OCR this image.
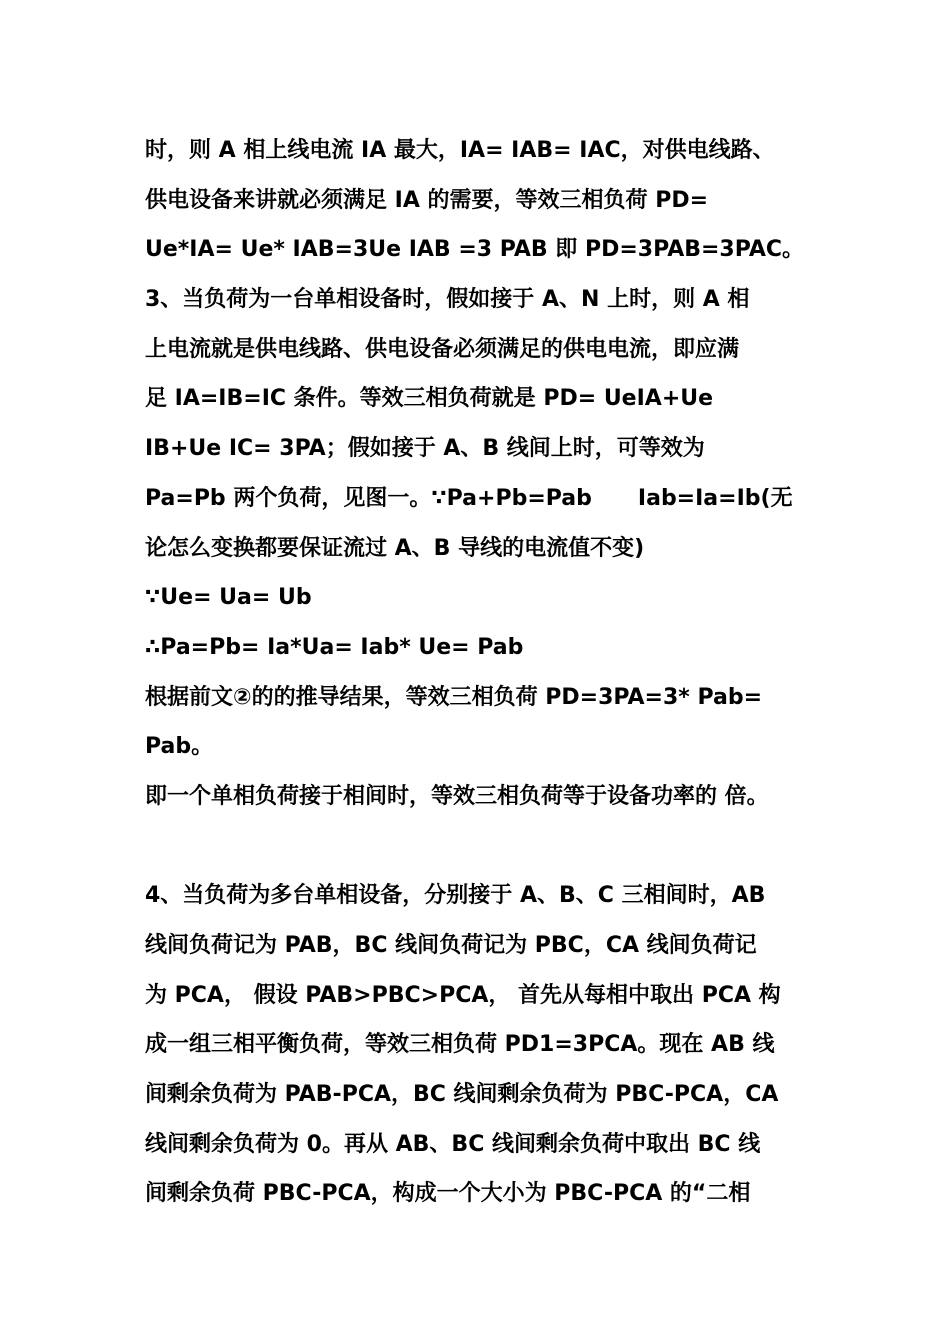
时，则 A 相上线电流 IA 最大，IA= IAB= IAC，对供电线路、
供电设备来讲就必须满足 IA 的需要，等效三相负荷 PD=
Ue*IA= Ue* IAB=3Ue IAB =3 PAB 即 PD=3PAB=3PAC。
3、当负荷为一台单相设备时，假如接于 A、N 上时，则 A 相
上电流就是供电线路、供电设备必须满足的供电电流，即应满
足 IA=IB=IC 条件。等效三相负荷就是 PD= UeIA+Ue
IB+Ue IC= 3PA；假如接于 A、B 线间上时，可等效为
Pa=Pb 两个负荷，见图一。∵Pa+Pb=Pab Iab=Ia=Ib(无
论怎么变换都要保证流过 A、B 导线的电流值不变)
∵Ue= Ua= Ub
∴Pa=Pb= Ia*Ua= Iab* Ue= Pab
根据前文②的的推导结果，等效三相负荷 PD=3PA=3* Pab=
Pab。
即一个单相负荷接于相间时，等效三相负荷等于设备功率的 倍。
4、当负荷为多台单相设备，分别接于 A、B、C 三相间时，AB
线间负荷记为 PAB，BC 线间负荷记为 PBC，CA 线间负荷记
为 PCA， 假设 PAB>PBC>PCA， 首先从每相中取出 PCA 构
成一组三相平衡负荷，等效三相负荷 PD1=3PCA。现在 AB 线
间剩余负荷为 PAB-PCA，BC 线间剩余负荷为 PBC-PCA，CA
线间剩余负荷为 0。再从 AB、BC 线间剩余负荷中取出 BC 线
间剩余负荷 PBC-PCA，构成一个大小为 PBC-PCA 的“二相
